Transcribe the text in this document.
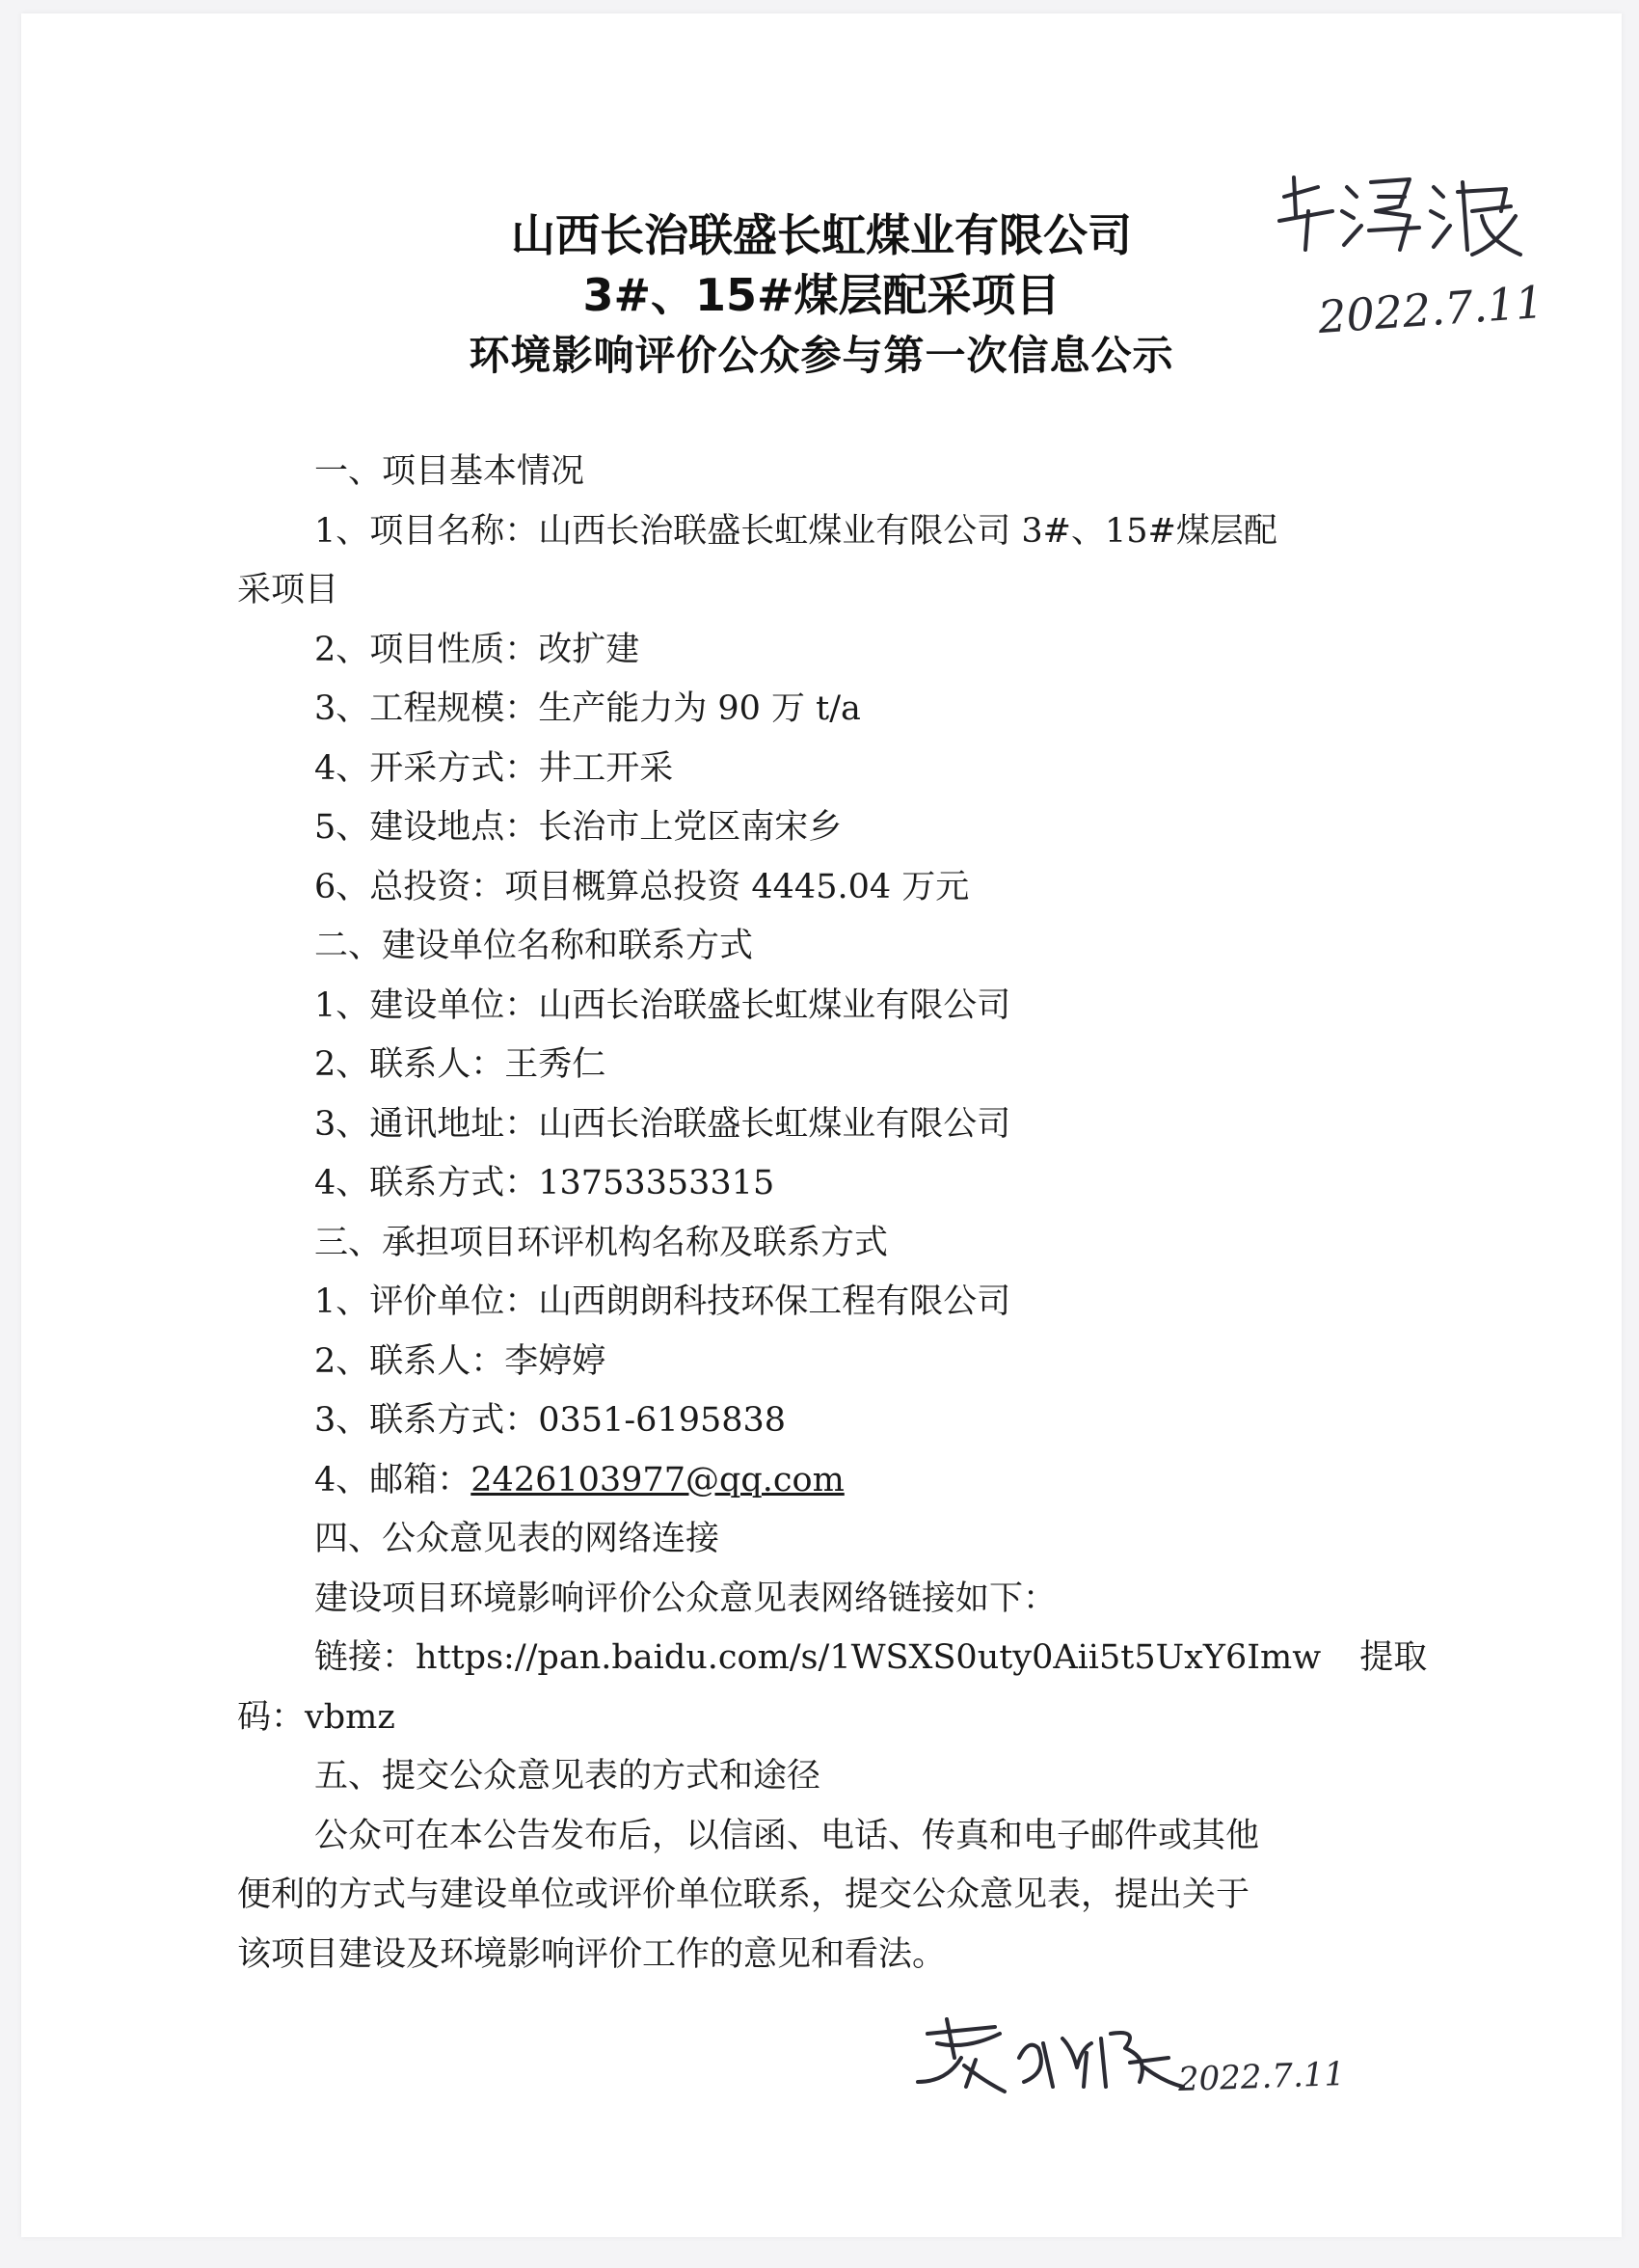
山西长治联盛长虹煤业有限公司
3#、15#煤层配采项目
环境影响评价公众参与第一次信息公示
2022.7.11
一、项目基本情况
1、项目名称：山西长治联盛长虹煤业有限公司 3#、15#煤层配
采项目
2、项目性质：改扩建
3、工程规模：生产能力为 90 万 t/a
4、开采方式：井工开采
5、建设地点：长治市上党区南宋乡
6、总投资：项目概算总投资 4445.04 万元
二、建设单位名称和联系方式
1、建设单位：山西长治联盛长虹煤业有限公司
2、联系人：王秀仁
3、通讯地址：山西长治联盛长虹煤业有限公司
4、联系方式：13753353315
三、承担项目环评机构名称及联系方式
1、评价单位：山西朗朗科技环保工程有限公司
2、联系人：李婷婷
3、联系方式：0351-6195838
4、邮箱：2426103977@qq.com
四、公众意见表的网络连接
建设项目环境影响评价公众意见表网络链接如下：
链接：https://pan.baidu.com/s/1WSXS0uty0Aii5t5UxY6Imw 提取
码：vbmz
五、提交公众意见表的方式和途径
公众可在本公告发布后，以信函、电话、传真和电子邮件或其他
便利的方式与建设单位或评价单位联系，提交公众意见表，提出关于
该项目建设及环境影响评价工作的意见和看法。
2022.7.11
